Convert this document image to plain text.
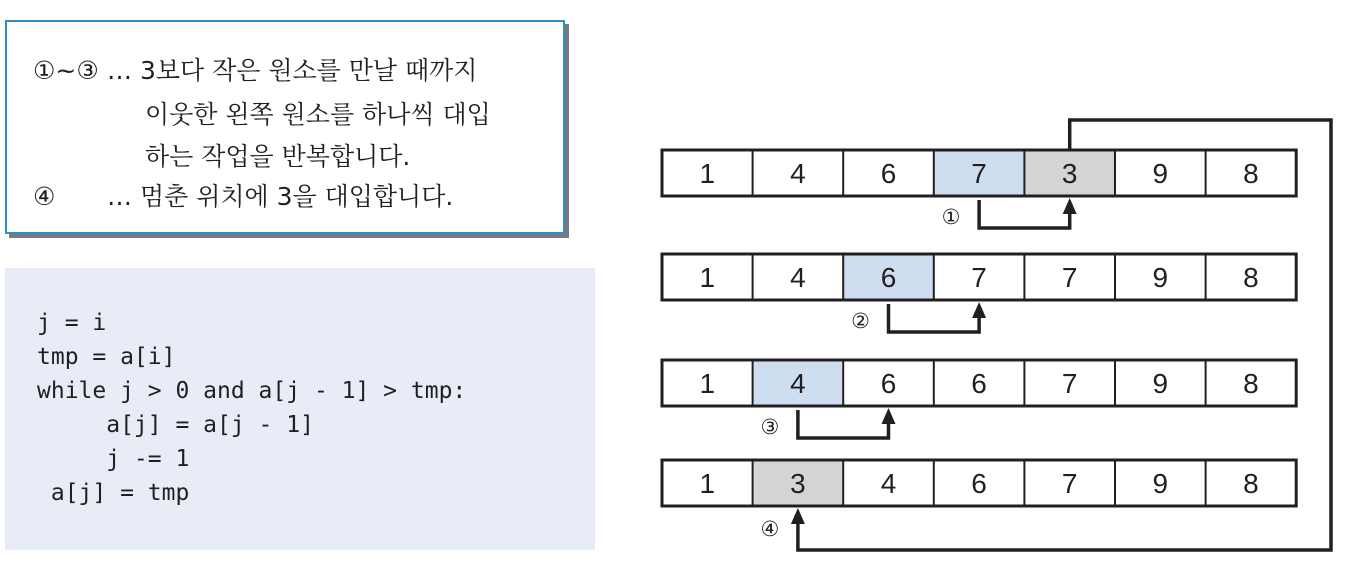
①~③ … 3보다 작은 원소를 만날 때까지
이웃한 왼쪽 원소를 하나씩 대입
하는 작업을 반복합니다.
④ … 멈춘 위치에 3을 대입합니다.
j = i
tmp = a[i]
while j > 0 and a[j - 1] > tmp:
a[j] = a[j - 1]
j -= 1
a[j] = tmp
1	4	6	7	3	9	8
1	4	6	7	7	9	8
1	4	6	6	7	9	8
1	3	4	6	7	9	8
①
②
③
④
